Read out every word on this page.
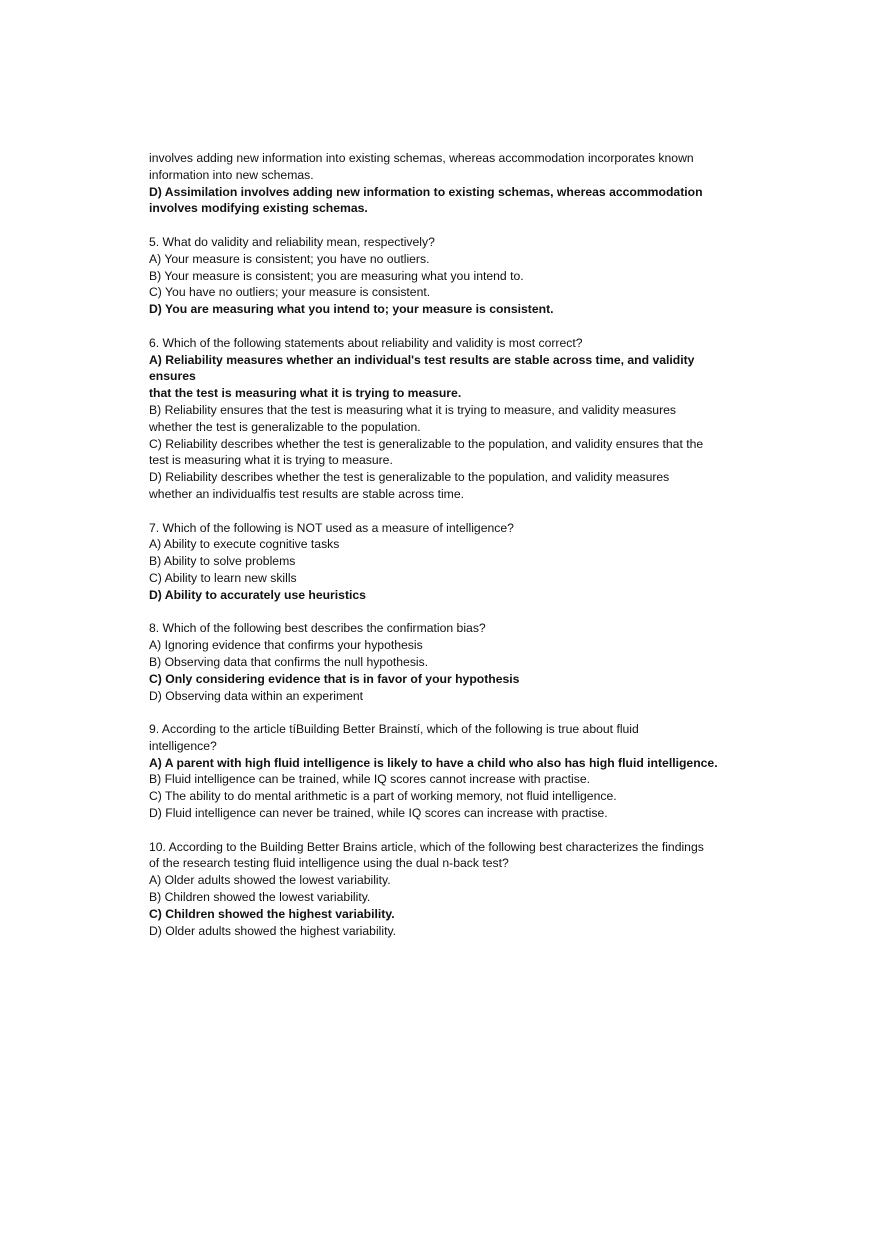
involves adding new information into existing schemas, whereas accommodation incorporates known
information into new schemas.
D) Assimilation involves adding new information to existing schemas, whereas accommodation
involves modifying existing schemas.
5. What do validity and reliability mean, respectively?
A) Your measure is consistent; you have no outliers.
B) Your measure is consistent; you are measuring what you intend to.
C) You have no outliers; your measure is consistent.
D) You are measuring what you intend to; your measure is consistent.
6. Which of the following statements about reliability and validity is most correct?
A) Reliability measures whether an individual's test results are stable across time, and validity ensures
that the test is measuring what it is trying to measure.
B) Reliability ensures that the test is measuring what it is trying to measure, and validity measures
whether the test is generalizable to the population.
C) Reliability describes whether the test is generalizable to the population, and validity ensures that the
test is measuring what it is trying to measure.
D) Reliability describes whether the test is generalizable to the population, and validity measures
whether an individualfis test results are stable across time.
7. Which of the following is NOT used as a measure of intelligence?
A) Ability to execute cognitive tasks
B) Ability to solve problems
C) Ability to learn new skills
D) Ability to accurately use heuristics
8. Which of the following best describes the confirmation bias?
A) Ignoring evidence that confirms your hypothesis
B) Observing data that confirms the null hypothesis.
C) Only considering evidence that is in favor of your hypothesis
D) Observing data within an experiment
9. According to the article tíBuilding Better Brainstí, which of the following is true about fluid
intelligence?
A) A parent with high fluid intelligence is likely to have a child who also has high fluid intelligence.
B) Fluid intelligence can be trained, while IQ scores cannot increase with practise.
C) The ability to do mental arithmetic is a part of working memory, not fluid intelligence.
D) Fluid intelligence can never be trained, while IQ scores can increase with practise.
10. According to the Building Better Brains article, which of the following best characterizes the findings
of the research testing fluid intelligence using the dual n-back test?
A) Older adults showed the lowest variability.
B) Children showed the lowest variability.
C) Children showed the highest variability.
D) Older adults showed the highest variability.
